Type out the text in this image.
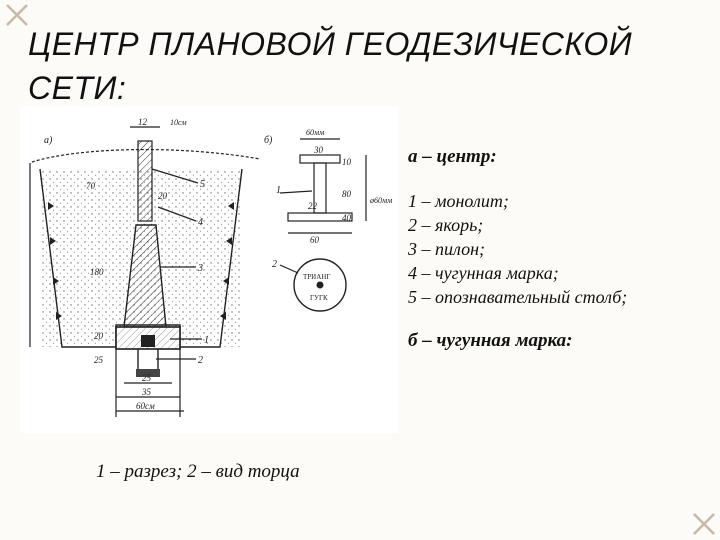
ЦЕНТР ПЛАНОВОЙ ГЕОДЕЗИЧЕСКОЙ СЕТИ:
а)	б)
12	10см
70
20
180
20
25
25
35
60см
5
4
3
1
2
60мм
30
10
22
80
ø60мм
40
60
1
2
ТРИАНГ
ГУГК
1 – разрез; 2 – вид торца
а – центр:
1 – монолит;
2 – якорь;
3 – пилон;
4 – чугунная марка;
5 – опознавательный столб;
б – чугунная марка:
